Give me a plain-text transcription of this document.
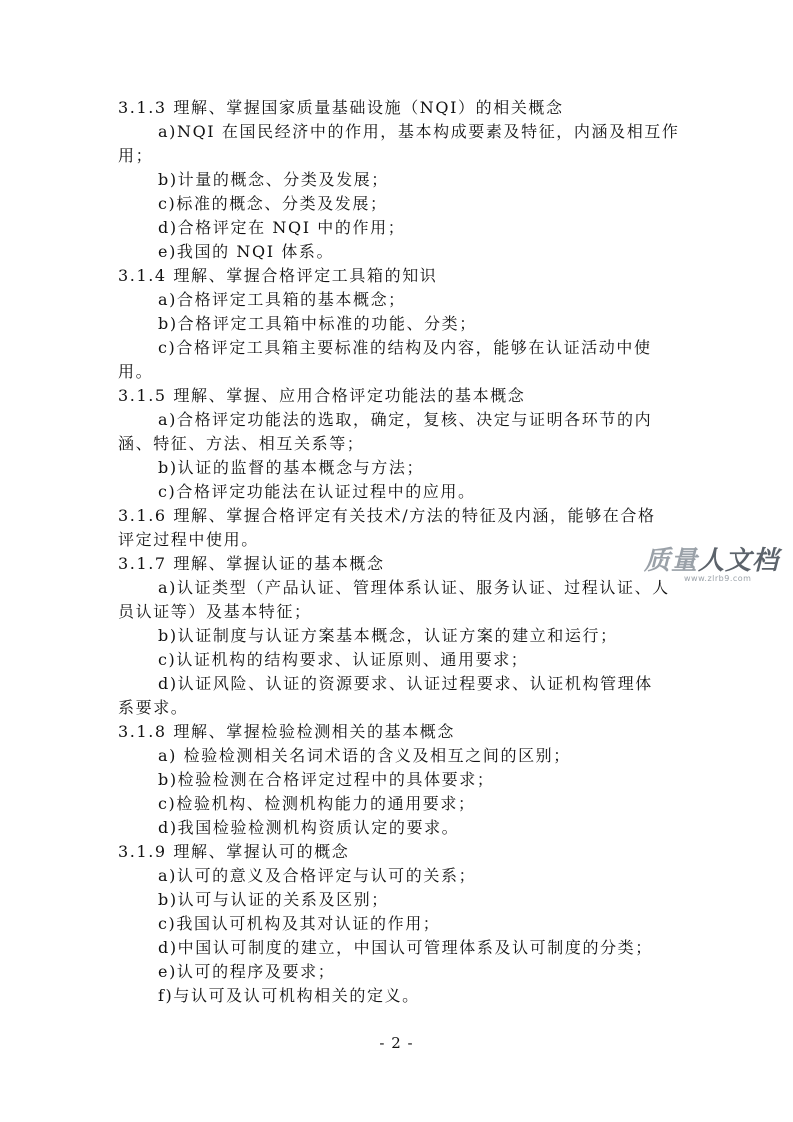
3.1.3 理解、掌握国家质量基础设施（NQI）的相关概念
a)NQI 在国民经济中的作用，基本构成要素及特征，内涵及相互作
用；
b)计量的概念、分类及发展；
c)标准的概念、分类及发展；
d)合格评定在 NQI 中的作用；
e)我国的 NQI 体系。
3.1.4 理解、掌握合格评定工具箱的知识
a)合格评定工具箱的基本概念；
b)合格评定工具箱中标准的功能、分类；
c)合格评定工具箱主要标准的结构及内容，能够在认证活动中使
用。
3.1.5 理解、掌握、应用合格评定功能法的基本概念
a)合格评定功能法的选取，确定，复核、决定与证明各环节的内
涵、特征、方法、相互关系等；
b)认证的监督的基本概念与方法；
c)合格评定功能法在认证过程中的应用。
3.1.6 理解、掌握合格评定有关技术/方法的特征及内涵，能够在合格
评定过程中使用。
3.1.7 理解、掌握认证的基本概念
a)认证类型（产品认证、管理体系认证、服务认证、过程认证、人
员认证等）及基本特征；
b)认证制度与认证方案基本概念，认证方案的建立和运行；
c)认证机构的结构要求、认证原则、通用要求；
d)认证风险、认证的资源要求、认证过程要求、认证机构管理体
系要求。
3.1.8 理解、掌握检验检测相关的基本概念
a) 检验检测相关名词术语的含义及相互之间的区别；
b)检验检测在合格评定过程中的具体要求；
c)检验机构、检测机构能力的通用要求；
d)我国检验检测机构资质认定的要求。
3.1.9 理解、掌握认可的概念
a)认可的意义及合格评定与认可的关系；
b)认可与认证的关系及区别；
c)我国认可机构及其对认证的作用；
d)中国认可制度的建立，中国认可管理体系及认可制度的分类；
e)认可的程序及要求；
f)与认可及认可机构相关的定义。
质量人文档
www.zlrb9.com
- 2 -
